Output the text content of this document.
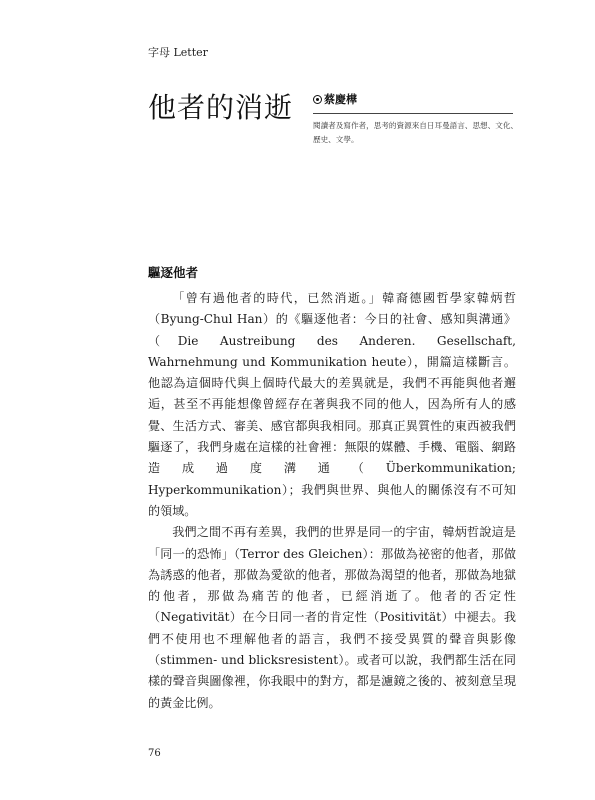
字母 Letter
他者的消逝	蔡慶樺
閱讀者及寫作者，思考的資源來自日耳曼語言、思想、文化、歷史、文學。
驅逐他者

「曾有過他者的時代，已然消逝。」韓裔德國哲學家韓炳哲（Byung-Chul Han）的《驅逐他者：今日的社會、感知與溝通》（Die Austreibung des Anderen. Gesellschaft, Wahrnehmung und Kommunikation heute），開篇這樣斷言。他認為這個時代與上個時代最大的差異就是，我們不再能與他者邂逅，甚至不再能想像曾經存在著與我不同的他人，因為所有人的感覺、生活方式、審美、感官都與我相同。那真正異質性的東西被我們驅逐了，我們身處在這樣的社會裡：無限的媒體、手機、電腦、網路造成過度溝通（Überkommunikation; Hyperkommunikation）；我們與世界、與他人的關係沒有不可知的領域。

我們之間不再有差異，我們的世界是同一的宇宙，韓炳哲說這是「同一的恐怖」（Terror des Gleichen）：那做為祕密的他者，那做為誘惑的他者，那做為愛欲的他者，那做為渴望的他者，那做為地獄的他者，那做為痛苦的他者，已經消逝了。他者的否定性（Negativität）在今日同一者的肯定性（Positivität）中褪去。我們不使用也不理解他者的語言，我們不接受異質的聲音與影像（stimmen- und blicksresistent）。或者可以說，我們都生活在同樣的聲音與圖像裡，你我眼中的對方，都是濾鏡之後的、被刻意呈現的黃金比例。

76
